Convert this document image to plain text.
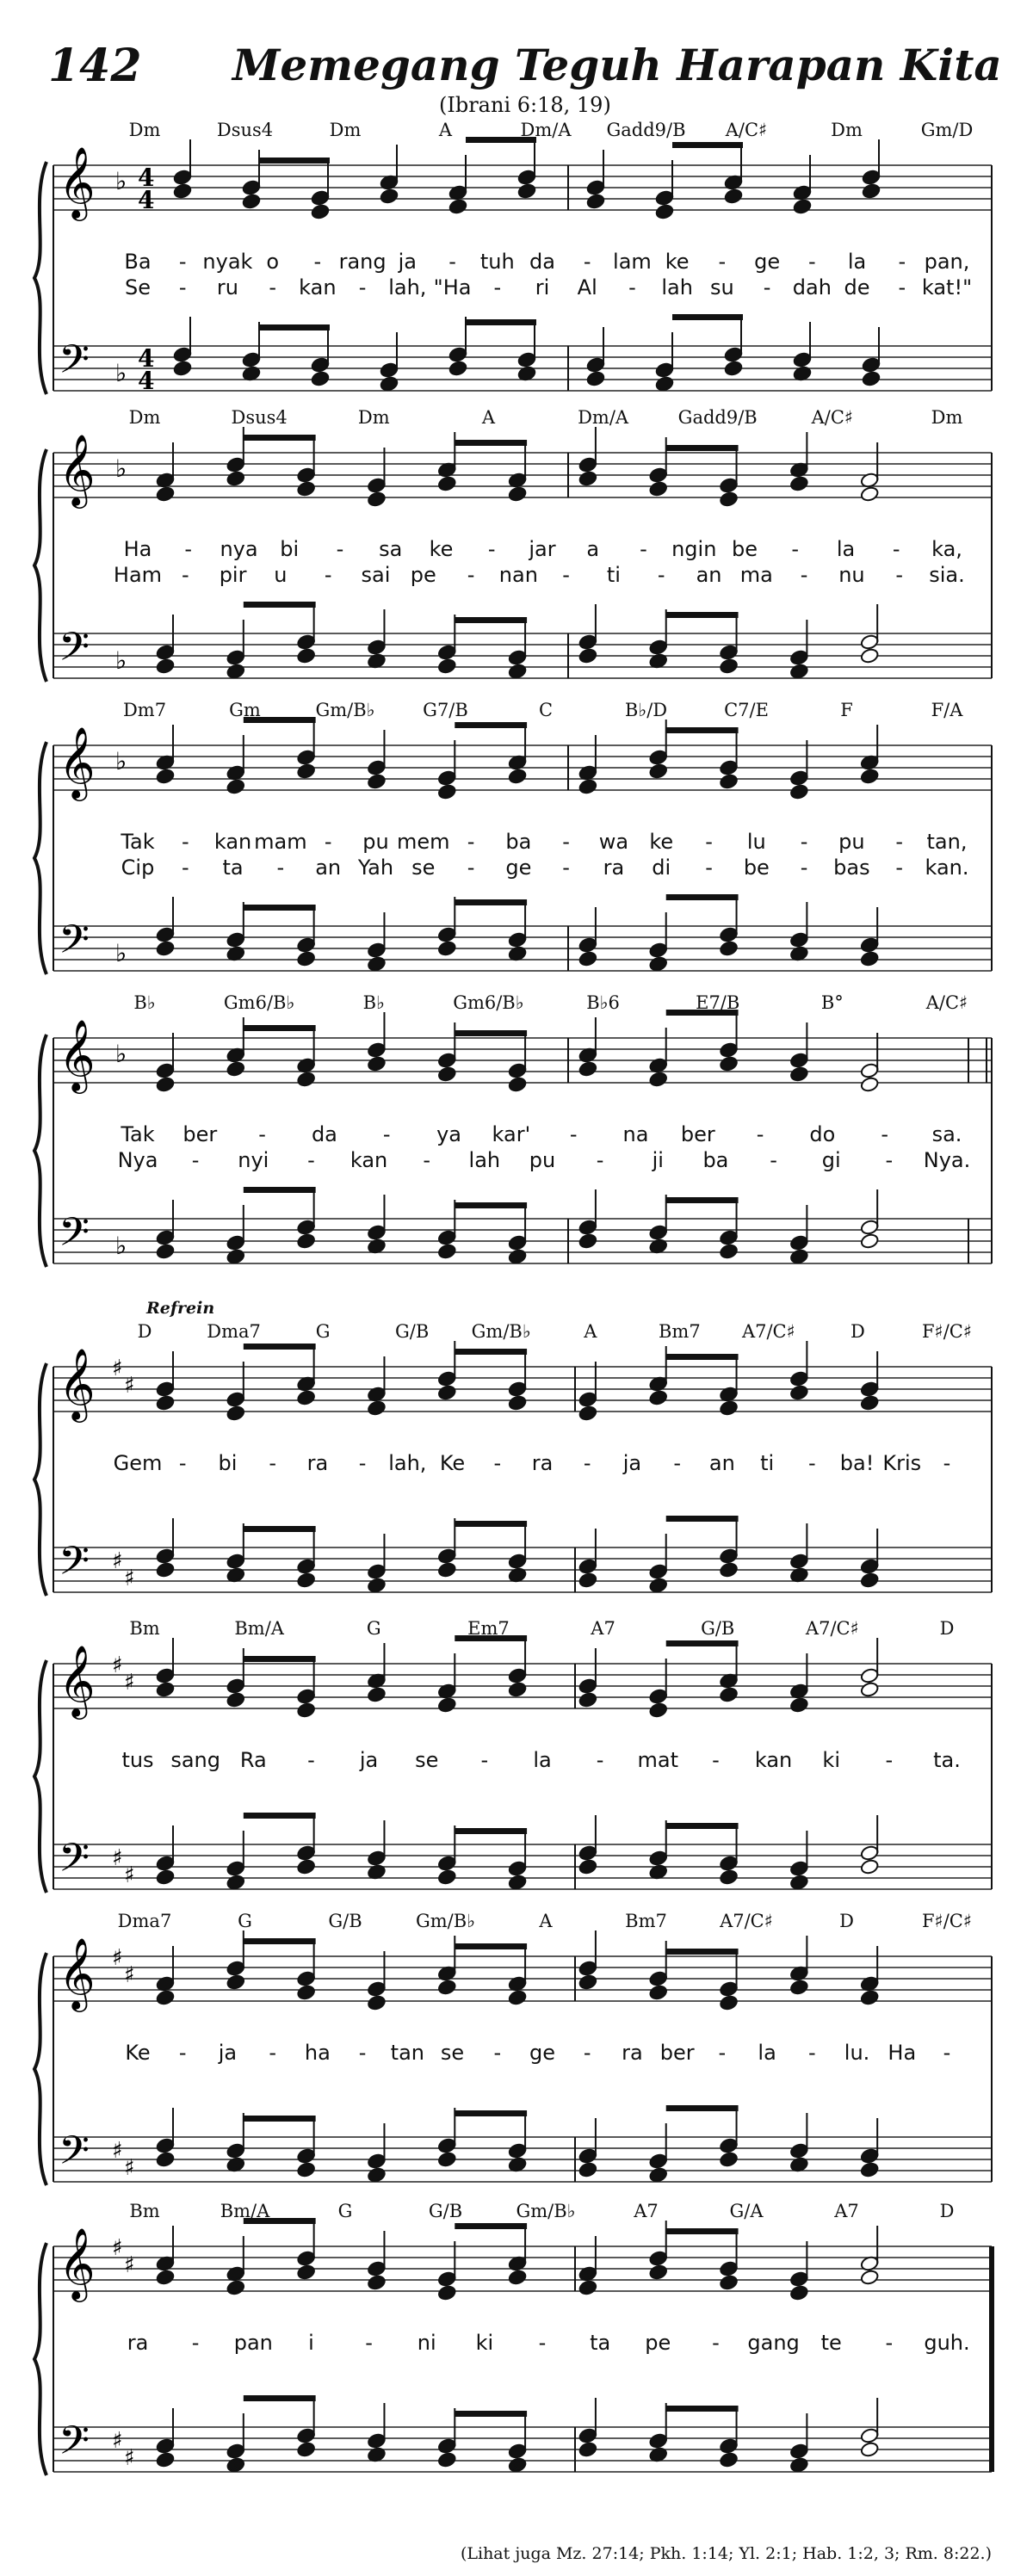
142 Memegang Teguh Harapan Kita
(Ibrani 6:18, 19)
𝄞
𝄢
♭
♭
4
4
4
4
Dm	Dsus4	Dm	A	Dm/A Gadd9/B A/C♯	Dm	Gm/D
Ba - nyak o - rang ja - tuh da - lam ke - ge - la - pan,
Se - ru - kan - lah, "Ha - ri Al - lah su - dah de - kat!"
𝄞
𝄢
♭
♭
Dm	Dsus4	Dm	A	Dm/A	Gadd9/B	A/C♯	Dm
Ha - nya bi - sa ke - jar a - ngin be - la - ka,
Ham - pir u - sai pe - nan - ti - an ma - nu - sia.
𝄞
𝄢
♭
♭
Dm7	Gm	Gm/B♭	G7/B	C	B♭/D	C7/E	F	F/A
Tak - kan mam - pu mem - ba - wa ke - lu - pu - tan,
Cip - ta - an Yah se - ge - ra di - be - bas - kan.
𝄞
𝄢
♭
♭
B♭	Gm6/B♭	B♭	Gm6/B♭	B♭6	E7/B	B°	A/C♯
Tak ber - da - ya kar' - na ber - do - sa.
Nya - nyi - kan - lah pu - ji ba - gi - Nya.
𝄞
𝄢
♯
♯
♯
♯
Refrein
D	Dma7	G	G/B Gm/B♭	A	Bm7 A7/C♯	D	F♯/C♯
Gem - bi - ra - lah, Ke - ra - ja - an ti - ba! Kris -
𝄞
𝄢
♯
♯
♯
♯
Bm	Bm/A	G	Em7	A7	G/B	A7/C♯	D
tus sang Ra - ja se - la - mat - kan ki - ta.
𝄞
𝄢
♯
♯
♯
♯
Dma7	G	G/B	Gm/B♭	A	Bm7	A7/C♯	D	F♯/C♯
Ke - ja - ha - tan se - ge - ra ber - la - lu. Ha -
𝄞
𝄢
♯
♯
♯
♯
Bm	Bm/A	G	G/B	Gm/B♭	A7	G/A	A7	D
ra - pan i - ni ki - ta pe - gang te - guh.
(Lihat juga Mz. 27:14; Pkh. 1:14; Yl. 2:1; Hab. 1:2, 3; Rm. 8:22.)
